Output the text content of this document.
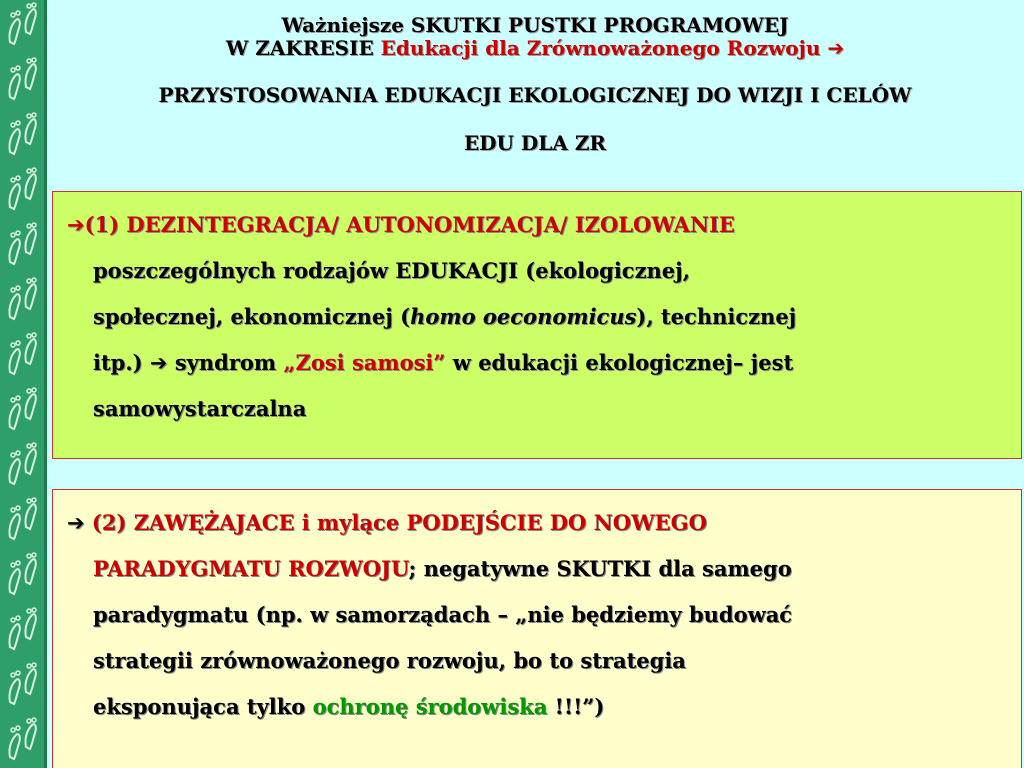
Ważniejsze SKUTKI PUSTKI PROGRAMOWEJ
W ZAKRESIE Edukacji dla Zrównoważonego Rozwoju ➔
PRZYSTOSOWANIA EDUKACJI EKOLOGICZNEJ DO WIZJI I CELÓW
EDU DLA ZR
➔(1) DEZINTEGRACJA/ AUTONOMIZACJA/ IZOLOWANIE
poszczególnych rodzajów EDUKACJI (ekologicznej,
społecznej, ekonomicznej (homo oeconomicus), technicznej
itp.) ➔ syndrom „Zosi samosi” w edukacji ekologicznej– jest
samowystarczalna
➔ (2) ZAWĘŻAJACE i mylące PODEJŚCIE DO NOWEGO
PARADYGMATU ROZWOJU; negatywne SKUTKI dla samego
paradygmatu (np. w samorządach – „nie będziemy budować
strategii zrównoważonego rozwoju, bo to strategia
eksponująca tylko ochronę środowiska !!!”)
